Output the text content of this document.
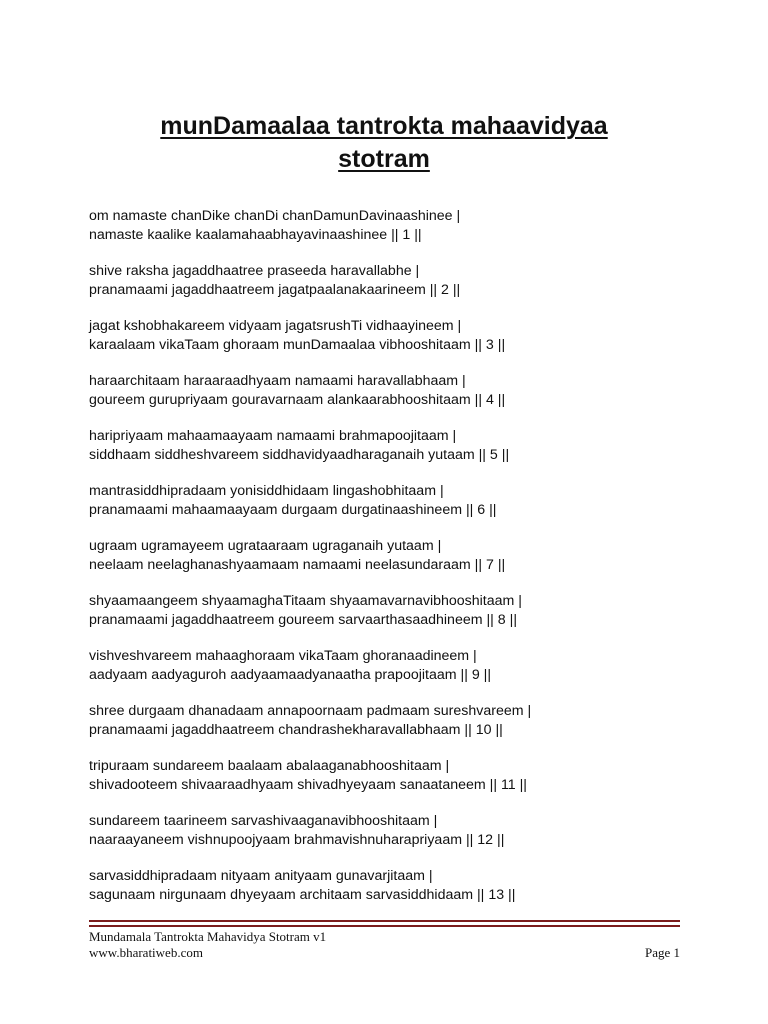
munDamaalaa tantrokta mahaavidyaa
stotram
om namaste chanDike chanDi chanDamunDavinaashinee |
namaste kaalike kaalamahaabhayavinaashinee || 1 ||
shive raksha jagaddhaatree praseeda haravallabhe |
pranamaami jagaddhaatreem jagatpaalanakaarineem || 2 ||
jagat kshobhakareem vidyaam jagatsrushTi vidhaayineem |
karaalaam vikaTaam ghoraam munDamaalaa vibhooshitaam || 3 ||
haraarchitaam haraaraadhyaam namaami haravallabhaam |
goureem gurupriyaam gouravarnaam alankaarabhooshitaam || 4 ||
haripriyaam mahaamaayaam namaami brahmapoojitaam |
siddhaam siddheshvareem siddhavidyaadharaganaih yutaam || 5 ||
mantrasiddhipradaam yonisiddhidaam lingashobhitaam |
pranamaami mahaamaayaam durgaam durgatinaashineem || 6 ||
ugraam ugramayeem ugrataaraam ugraganaih yutaam |
neelaam neelaghanashyaamaam namaami neelasundaraam || 7 ||
shyaamaangeem shyaamaghaTitaam shyaamavarnavibhooshitaam |
pranamaami jagaddhaatreem goureem sarvaarthasaadhineem || 8 ||
vishveshvareem mahaaghoraam vikaTaam ghoranaadineem |
aadyaam aadyaguroh aadyaamaadyanaatha prapoojitaam || 9 ||
shree durgaam dhanadaam annapoornaam padmaam sureshvareem |
pranamaami jagaddhaatreem chandrashekharavallabhaam || 10 ||
tripuraam sundareem baalaam abalaaganabhooshitaam |
shivadooteem shivaaraadhyaam shivadhyeyaam sanaataneem || 11 ||
sundareem taarineem sarvashivaaganavibhooshitaam |
naaraayaneem vishnupoojyaam brahmavishnuharapriyaam || 12 ||
sarvasiddhipradaam nityaam anityaam gunavarjitaam |
sagunaam nirgunaam dhyeyaam architaam sarvasiddhidaam || 13 ||
Mundamala Tantrokta Mahavidya Stotram v1
www.bharatiweb.com	Page 1
